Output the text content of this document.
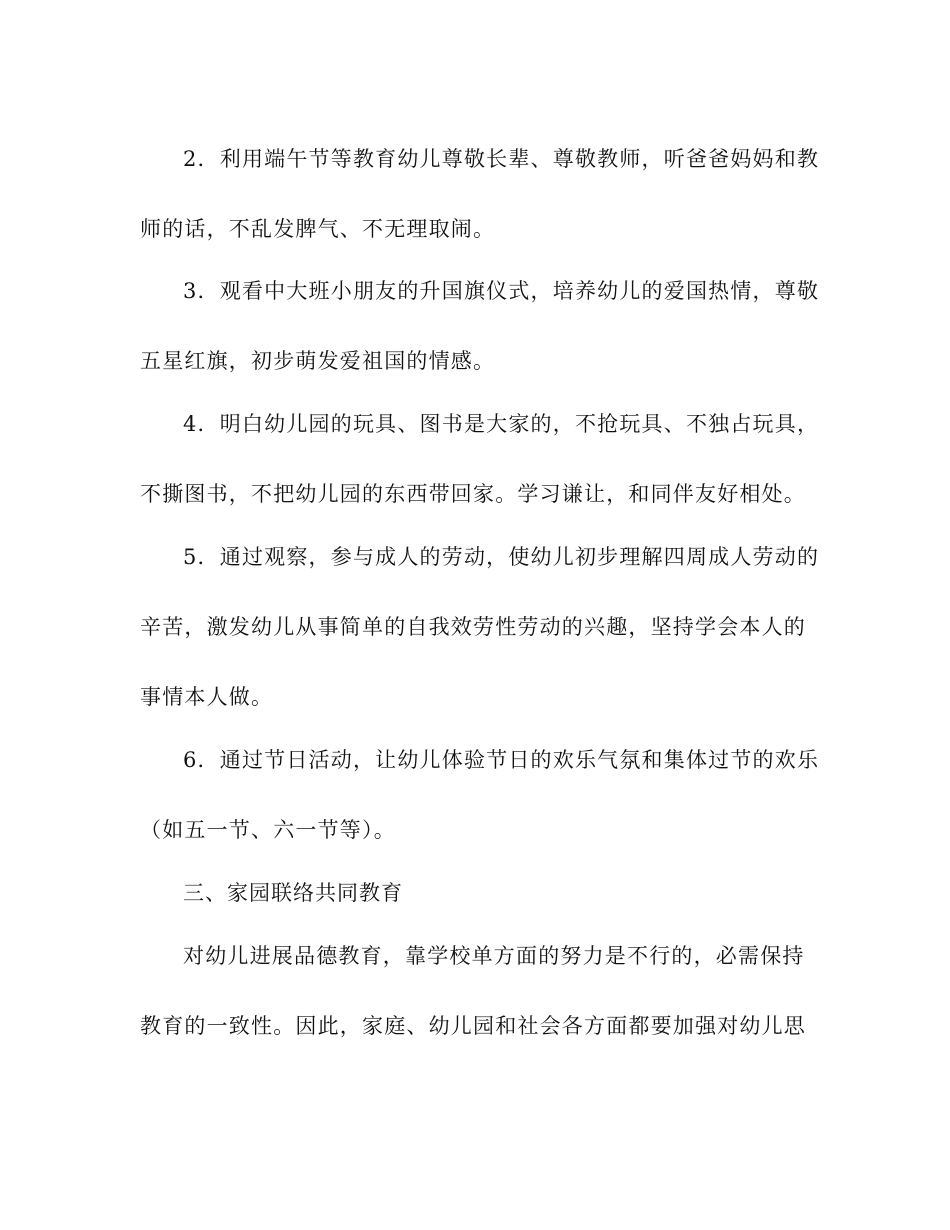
2．利用端午节等教育幼儿尊敬长辈、尊敬教师，听爸爸妈妈和教
师的话，不乱发脾气、不无理取闹。
3．观看中大班小朋友的升国旗仪式，培养幼儿的爱国热情，尊敬
五星红旗，初步萌发爱祖国的情感。
4．明白幼儿园的玩具、图书是大家的，不抢玩具、不独占玩具，
不撕图书，不把幼儿园的东西带回家。学习谦让，和同伴友好相处。
5．通过观察，参与成人的劳动，使幼儿初步理解四周成人劳动的
辛苦，激发幼儿从事简单的自我效劳性劳动的兴趣，坚持学会本人的
事情本人做。
6．通过节日活动，让幼儿体验节日的欢乐气氛和集体过节的欢乐
（如五一节、六一节等）。
三、家园联络共同教育
对幼儿进展品德教育，靠学校单方面的努力是不行的，必需保持
教育的一致性。因此，家庭、幼儿园和社会各方面都要加强对幼儿思
